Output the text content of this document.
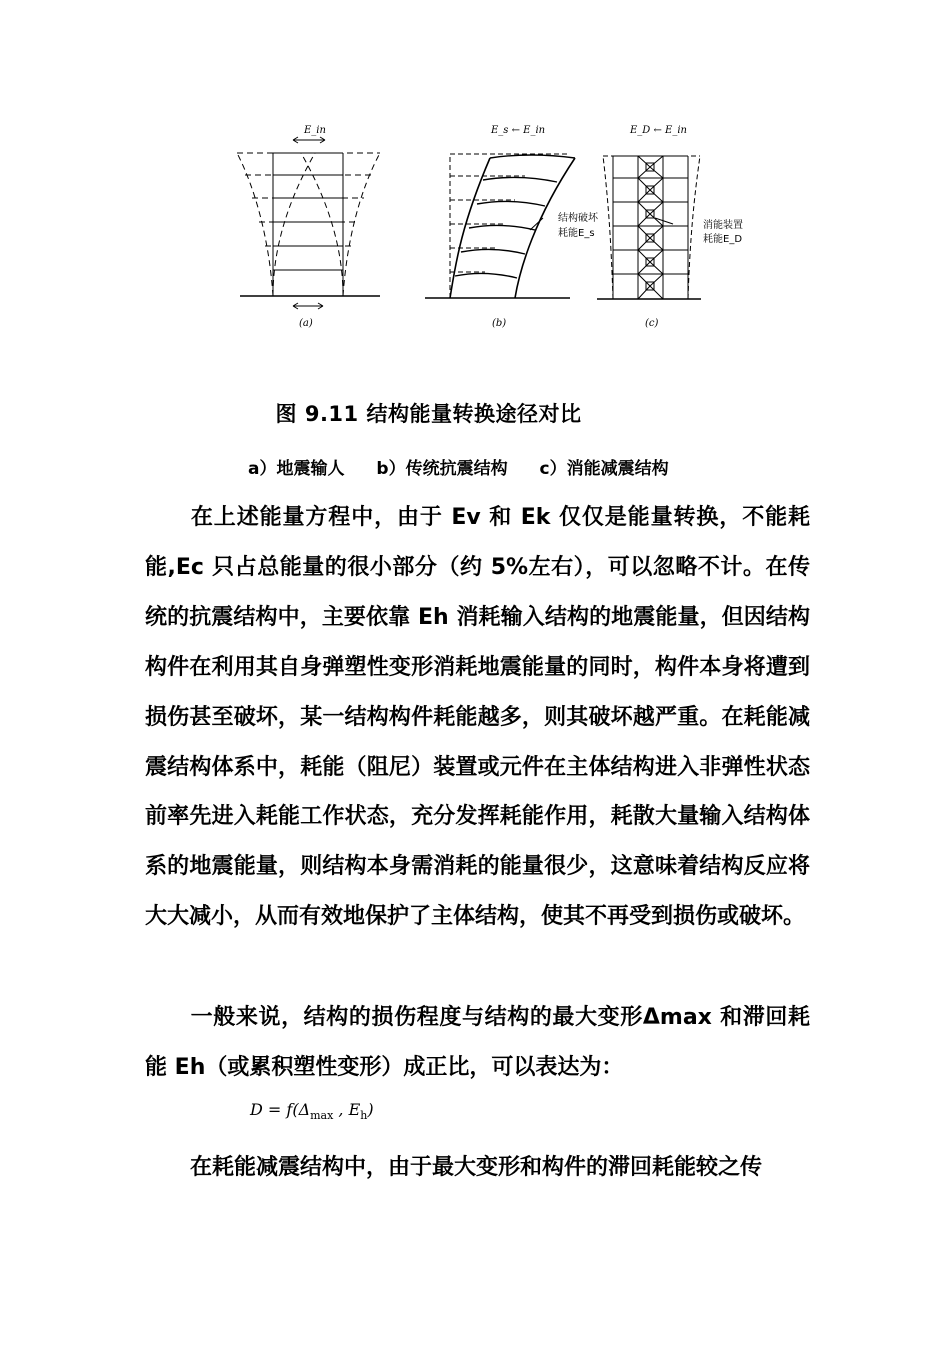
E_in
(a)
E_s ← E_in
结构破坏
耗能E_s
(b)
E_D ← E_in
消能装置
耗能E_D
(c)
图 9.11 结构能量转换途径对比
a）地震输人 b）传统抗震结构 c）消能减震结构

在上述能量方程中，由于 Ev 和 Ek 仅仅是能量转换，不能耗能,Ec 只占总能量的很小部分（约 5%左右），可以忽略不计。在传统的抗震结构中，主要依靠 Eh 消耗输入结构的地震能量，但因结构构件在利用其自身弹塑性变形消耗地震能量的同时，构件本身将遭到损伤甚至破坏，某一结构构件耗能越多，则其破坏越严重。在耗能减震结构体系中，耗能（阻尼）装置或元件在主体结构进入非弹性状态前率先进入耗能工作状态，充分发挥耗能作用，耗散大量输入结构体系的地震能量，则结构本身需消耗的能量很少，这意味着结构反应将大大减小，从而有效地保护了主体结构，使其不再受到损伤或破坏。

一般来说，结构的损伤程度与结构的最大变形Δmax 和滞回耗能 Eh（或累积塑性变形）成正比，可以表达为：

$D = f(\Delta_{max}$ , $E_h$)

在耗能减震结构中，由于最大变形和构件的滞回耗能较之传
